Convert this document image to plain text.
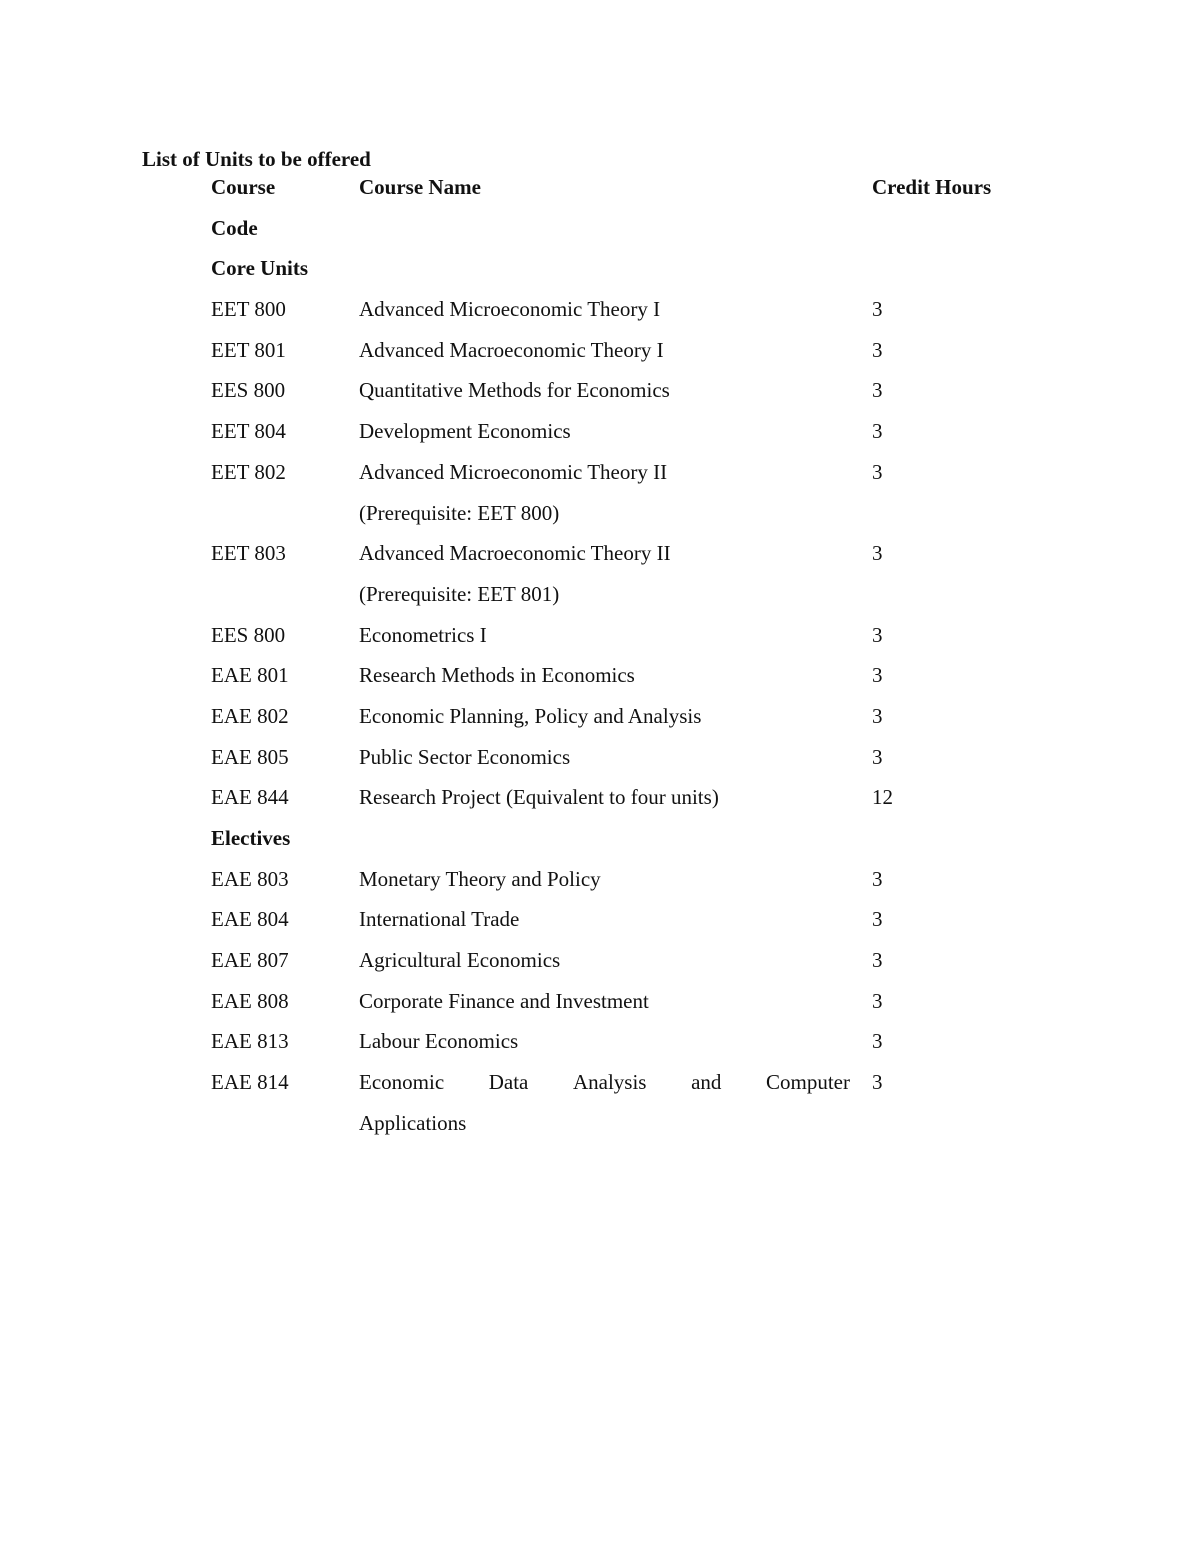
List of Units to be offered
Course	Course Name	Credit Hours
Code
Core Units
EET 800	Advanced Microeconomic Theory I	3
EET 801	Advanced Macroeconomic Theory I	3
EES 800	Quantitative Methods for Economics	3
EET 804	Development Economics	3
EET 802	Advanced Microeconomic Theory II	3
(Prerequisite: EET 800)
EET 803	Advanced Macroeconomic Theory II	3
(Prerequisite: EET 801)
EES 800	Econometrics I	3
EAE 801	Research Methods in Economics	3
EAE 802	Economic Planning, Policy and Analysis	3
EAE 805	Public Sector Economics	3
EAE 844	Research Project (Equivalent to four units)	12
Electives
EAE 803	Monetary Theory and Policy	3
EAE 804	International Trade	3
EAE 807	Agricultural Economics	3
EAE 808	Corporate Finance and Investment	3
EAE 813	Labour Economics	3
EAE 814	Economic Data Analysis and Computer 3
Applications
